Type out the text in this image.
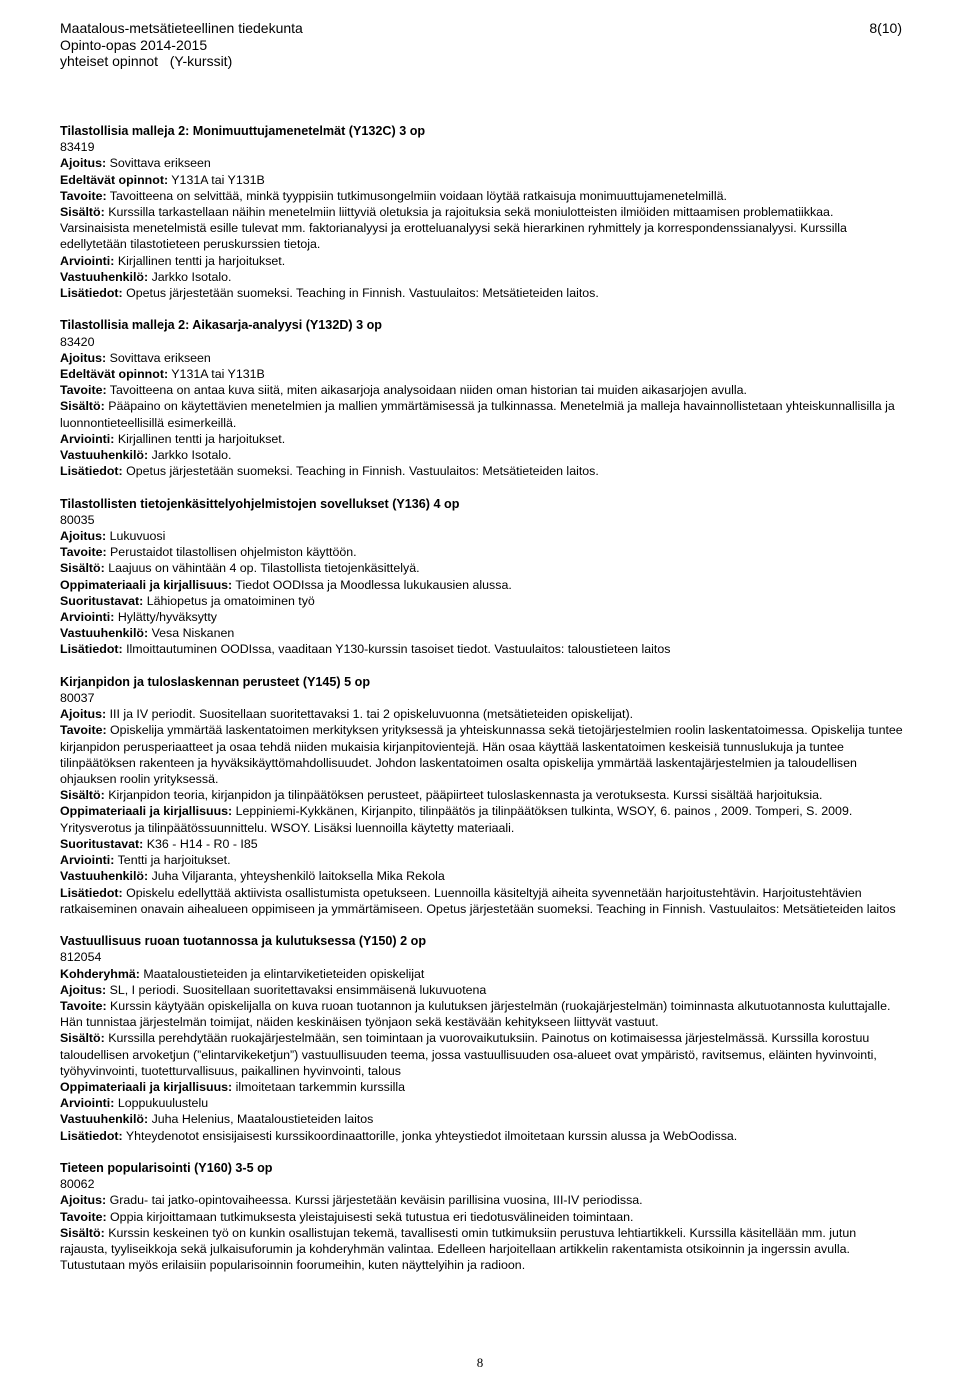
Maatalous-metsätieteellinen tiedekunta
Opinto-opas 2014-2015
yhteiset opinnot   (Y-kurssit)
8(10)
Tilastollisia malleja 2: Monimuuttujamenetelmät (Y132C) 3 op
83419
Ajoitus: Sovittava erikseen
Edeltävät opinnot: Y131A tai Y131B
Tavoite: Tavoitteena on selvittää, minkä tyyppisiin tutkimusongelmiin voidaan löytää ratkaisuja monimuuttujamenetelmillä.
Sisältö: Kurssilla tarkastellaan näihin menetelmiin liittyviä oletuksia ja rajoituksia sekä moniulotteisten ilmiöiden mittaamisen problematiikkaa. Varsinaisista menetelmistä esille tulevat mm. faktorianalyysi ja erotteluanalyysi sekä hierarkinen ryhmittely ja korrespondenssianalyysi. Kurssilla edellytetään tilastotieteen peruskurssien tietoja.
Arviointi: Kirjallinen tentti ja harjoitukset.
Vastuuhenkilö: Jarkko Isotalo.
Lisätiedot: Opetus järjestetään suomeksi. Teaching in Finnish. Vastuulaitos: Metsätieteiden laitos.
Tilastollisia malleja 2: Aikasarja-analyysi (Y132D) 3 op
83420
Ajoitus: Sovittava erikseen
Edeltävät opinnot: Y131A tai Y131B
Tavoite: Tavoitteena on antaa kuva siitä, miten aikasarjoja analysoidaan niiden oman historian tai muiden aikasarjojen avulla.
Sisältö: Pääpaino on käytettävien menetelmien ja mallien ymmärtämisessä ja tulkinnassa. Menetelmiä ja malleja havainnollistetaan yhteiskunnallisilla ja luonnontieteellisillä esimerkeillä.
Arviointi: Kirjallinen tentti ja harjoitukset.
Vastuuhenkilö: Jarkko Isotalo.
Lisätiedot: Opetus järjestetään suomeksi. Teaching in Finnish. Vastuulaitos: Metsätieteiden laitos.
Tilastollisten tietojenkäsittelyohjelmistojen sovellukset (Y136) 4 op
80035
Ajoitus: Lukuvuosi
Tavoite: Perustaidot tilastollisen ohjelmiston käyttöön.
Sisältö: Laajuus on vähintään 4 op. Tilastollista tietojenkäsittelyä.
Oppimateriaali ja kirjallisuus: Tiedot OODIssa ja Moodlessa lukukausien alussa.
Suoritustavat: Lähiopetus ja omatoiminen työ
Arviointi: Hylätty/hyväksytty
Vastuuhenkilö: Vesa Niskanen
Lisätiedot: Ilmoittautuminen OODIssa, vaaditaan Y130-kurssin tasoiset tiedot. Vastuulaitos: taloustieteen laitos
Kirjanpidon ja tuloslaskennan perusteet (Y145) 5 op
80037
Ajoitus: III ja IV periodit. Suositellaan suoritettavaksi 1. tai 2 opiskeluvuonna (metsätieteiden opiskelijat).
Tavoite: Opiskelija ymmärtää laskentatoimen merkityksen yrityksessä ja yhteiskunnassa sekä tietojärjestelmien roolin laskentatoimessa. Opiskelija tuntee kirjanpidon perusperiaatteet ja osaa tehdä niiden mukaisia kirjanpitovientejä. Hän osaa käyttää laskentatoimen keskeisiä tunnuslukuja ja tuntee tilinpäätöksen rakenteen ja hyväksikäyttömahdollisuudet. Johdon laskentatoimen osalta opiskelija ymmärtää laskentajärjestelmien ja taloudellisen ohjauksen roolin yrityksessä.
Sisältö: Kirjanpidon teoria, kirjanpidon ja tilinpäätöksen perusteet, pääpiirteet tuloslaskennasta ja verotuksesta. Kurssi sisältää harjoituksia.
Oppimateriaali ja kirjallisuus: Leppiniemi-Kykkänen, Kirjanpito, tilinpäätös ja tilinpäätöksen tulkinta, WSOY, 6. painos , 2009. Tomperi, S. 2009. Yritysverotus ja tilinpäätössuunnittelu. WSOY. Lisäksi luennoilla käytetty materiaali.
Suoritustavat: K36 - H14 - R0 - I85
Arviointi: Tentti ja harjoitukset.
Vastuuhenkilö: Juha Viljaranta, yhteyshenkilö laitoksella Mika Rekola
Lisätiedot: Opiskelu edellyttää aktiivista osallistumista opetukseen. Luennoilla käsiteltyjä aiheita syvennetään harjoitustehtävin. Harjoitustehtävien ratkaiseminen onavain aihealueen oppimiseen ja ymmärtämiseen. Opetus järjestetään suomeksi. Teaching in Finnish. Vastuulaitos: Metsätieteiden laitos
Vastuullisuus ruoan tuotannossa ja kulutuksessa (Y150) 2 op
812054
Kohderyhmä: Maataloustieteiden ja elintarviketieteiden opiskelijat
Ajoitus: SL, I periodi. Suositellaan suoritettavaksi ensimmäisenä lukuvuotena
Tavoite: Kurssin käytyään opiskelijalla on kuva ruoan tuotannon ja kulutuksen järjestelmän (ruokajärjestelmän) toiminnasta alkutuotannosta kuluttajalle. Hän tunnistaa järjestelmän toimijat, näiden keskinäisen työnjaon sekä kestävään kehitykseen liittyvät vastuut.
Sisältö: Kurssilla perehdytään ruokajärjestelmään, sen toimintaan ja vuorovaikutuksiin. Painotus on kotimaisessa järjestelmässä. Kurssilla korostuu taloudellisen arvoketjun (”elintarvikeketjun”) vastuullisuuden teema, jossa vastuullisuuden osa-alueet ovat ympäristö, ravitsemus, eläinten hyvinvointi, työhyvinvointi, tuotetturvallisuus, paikallinen hyvinvointi, talous
Oppimateriaali ja kirjallisuus: ilmoitetaan tarkemmin kurssilla
Arviointi: Loppukuulustelu
Vastuuhenkilö: Juha Helenius, Maataloustieteiden laitos
Lisätiedot: Yhteydenotot ensisijaisesti kurssikoordinaattorille, jonka yhteystiedot ilmoitetaan kurssin alussa ja WebOodissa.
Tieteen popularisointi (Y160) 3-5 op
80062
Ajoitus: Gradu- tai jatko-opintovaiheessa. Kurssi järjestetään keväisin parillisina vuosina, III-IV periodissa.
Tavoite: Oppia kirjoittamaan tutkimuksesta yleistajuisesti sekä tutustua eri tiedotusvälineiden toimintaan.
Sisältö: Kurssin keskeinen työ on kunkin osallistujan tekemä, tavallisesti omin tutkimuksiin perustuva lehtiartikkeli. Kurssilla käsitellään mm. jutun rajausta, tyyliseikkoja sekä julkaisuforumin ja kohderyhmän valintaa. Edelleen harjoitellaan artikkelin rakentamista otsikoinnin ja ingerssin avulla. Tutustutaan myös erilaisiin popularisoinnin foorumeihin, kuten näyttelyihin ja radioon.
8
